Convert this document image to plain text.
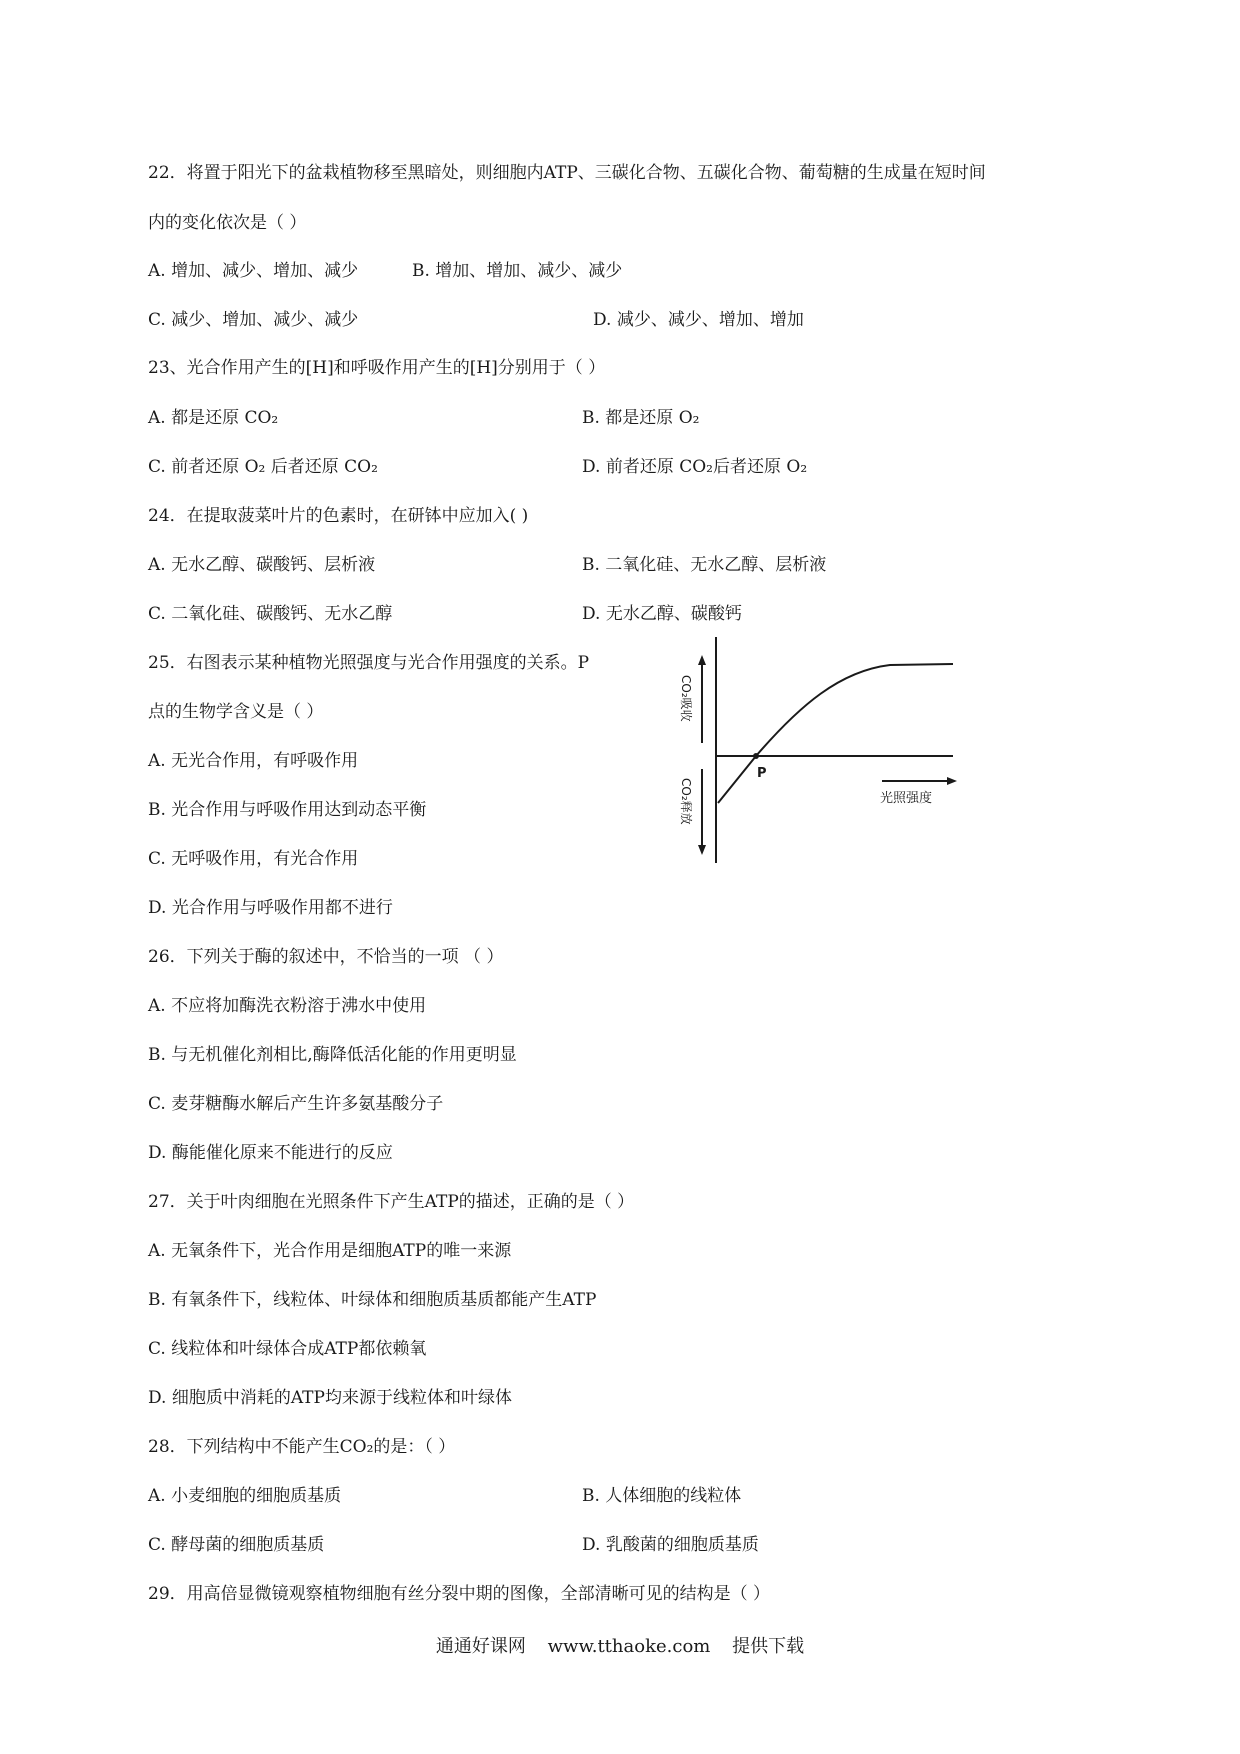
22．将置于阳光下的盆栽植物移至黑暗处，则细胞内ATP、三碳化合物、五碳化合物、葡萄糖的生成量在短时间
内的变化依次是（ ）
A. 增加、减少、增加、减少	B. 增加、增加、减少、减少
C. 减少、增加、减少、减少	D. 减少、减少、增加、增加
23、光合作用产生的[H]和呼吸作用产生的[H]分别用于（ ）
A. 都是还原 CO₂	B. 都是还原 O₂
C. 前者还原 O₂ 后者还原 CO₂	D. 前者还原 CO₂后者还原 O₂
24．在提取菠菜叶片的色素时，在研钵中应加入( )
A. 无水乙醇、碳酸钙、层析液	B. 二氧化硅、无水乙醇、层析液
C. 二氧化硅、碳酸钙、无水乙醇	D. 无水乙醇、碳酸钙
25．右图表示某种植物光照强度与光合作用强度的关系。P
点的生物学含义是（ ）
A. 无光合作用，有呼吸作用
B. 光合作用与呼吸作用达到动态平衡
C. 无呼吸作用，有光合作用
D. 光合作用与呼吸作用都不进行
P
光照强度
CO₂吸收
CO₂释放
26．下列关于酶的叙述中，不恰当的一项 （ ）
A. 不应将加酶洗衣粉溶于沸水中使用
B. 与无机催化剂相比,酶降低活化能的作用更明显
C. 麦芽糖酶水解后产生许多氨基酸分子
D. 酶能催化原来不能进行的反应
27．关于叶肉细胞在光照条件下产生ATP的描述，正确的是（ ）
A. 无氧条件下，光合作用是细胞ATP的唯一来源
B. 有氧条件下，线粒体、叶绿体和细胞质基质都能产生ATP
C. 线粒体和叶绿体合成ATP都依赖氧
D. 细胞质中消耗的ATP均来源于线粒体和叶绿体
28．下列结构中不能产生CO₂的是：（ ）
A. 小麦细胞的细胞质基质	B. 人体细胞的线粒体
C. 酵母菌的细胞质基质	D. 乳酸菌的细胞质基质
29．用高倍显微镜观察植物细胞有丝分裂中期的图像，全部清晰可见的结构是（ ）
通通好课网 www.tthaoke.com 提供下载
